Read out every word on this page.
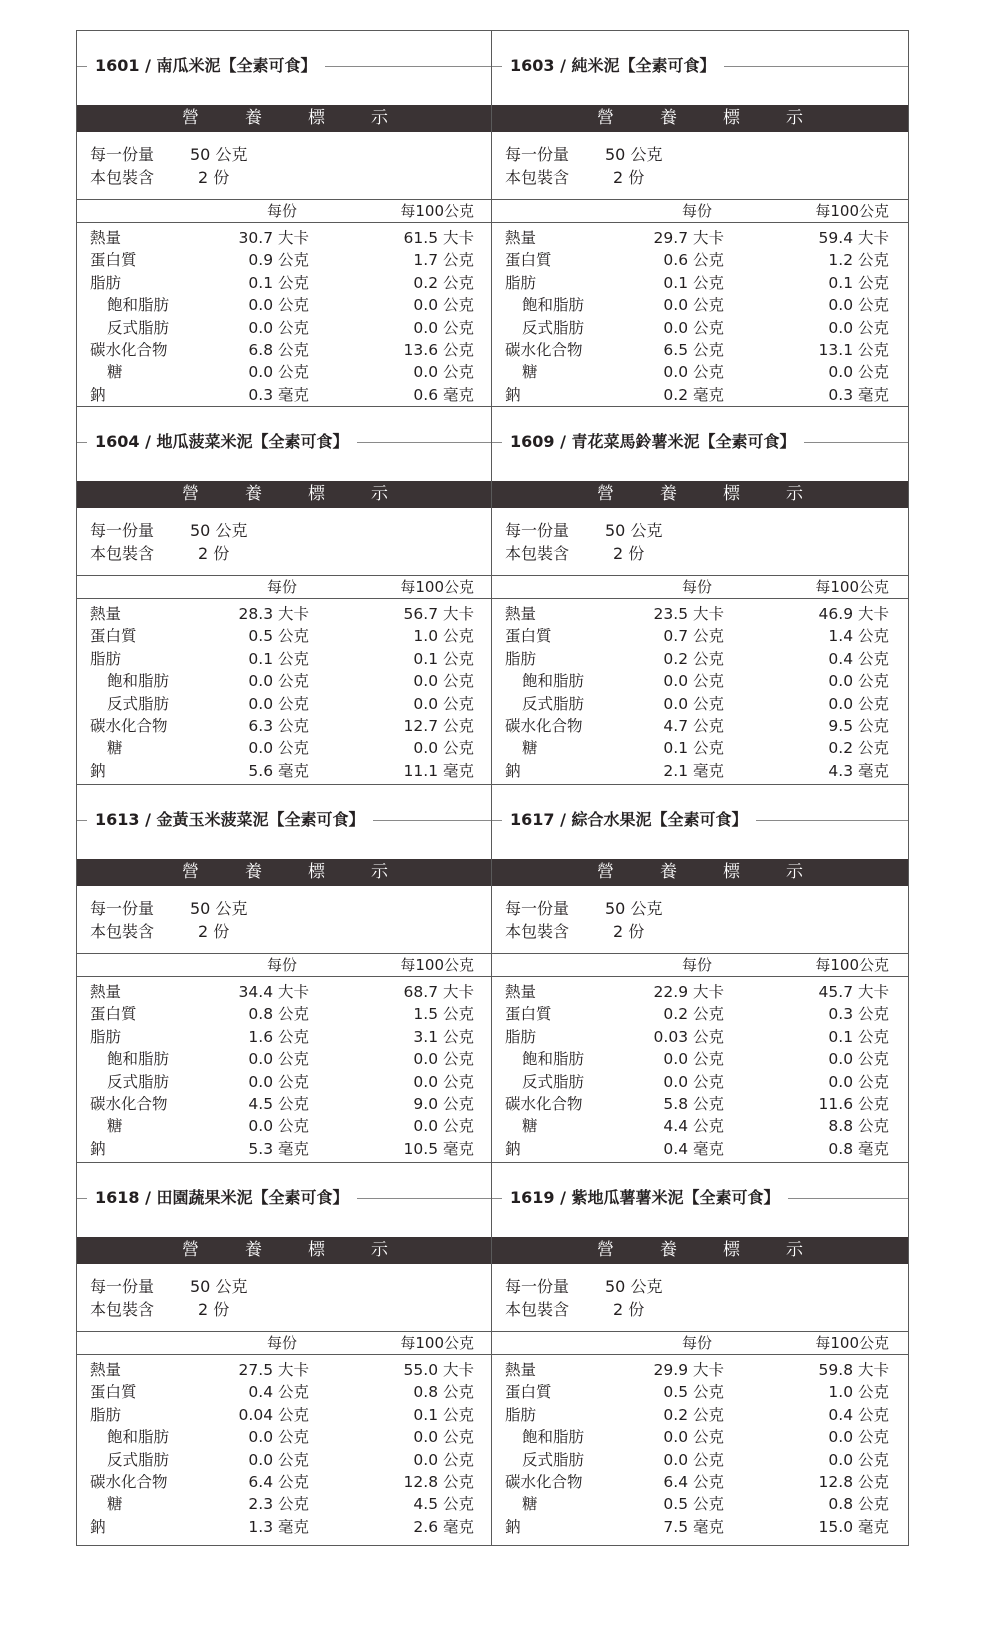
1601 / 南瓜米泥【全素可食】
營	養	標	示
每一份量 50 公克
本包裝含	2 份
每份	每100公克
熱量	30.7 大卡	61.5 大卡
蛋白質	0.9 公克	1.7 公克
脂肪	0.1 公克	0.2 公克
飽和脂肪	0.0 公克	0.0 公克
反式脂肪	0.0 公克	0.0 公克
碳水化合物	6.8 公克	13.6 公克
糖	0.0 公克	0.0 公克
鈉	0.3 毫克	0.6 毫克
1603 / 純米泥【全素可食】
營	養	標	示
每一份量 50 公克
本包裝含	2 份
每份	每100公克
熱量	29.7 大卡	59.4 大卡
蛋白質	0.6 公克	1.2 公克
脂肪	0.1 公克	0.1 公克
飽和脂肪	0.0 公克	0.0 公克
反式脂肪	0.0 公克	0.0 公克
碳水化合物	6.5 公克	13.1 公克
糖	0.0 公克	0.0 公克
鈉	0.2 毫克	0.3 毫克
1604 / 地瓜菠菜米泥【全素可食】
營	養	標	示
每一份量 50 公克
本包裝含	2 份
每份	每100公克
熱量	28.3 大卡	56.7 大卡
蛋白質	0.5 公克	1.0 公克
脂肪	0.1 公克	0.1 公克
飽和脂肪	0.0 公克	0.0 公克
反式脂肪	0.0 公克	0.0 公克
碳水化合物	6.3 公克	12.7 公克
糖	0.0 公克	0.0 公克
鈉	5.6 毫克	11.1 毫克
1609 / 青花菜馬鈴薯米泥【全素可食】
營	養	標	示
每一份量 50 公克
本包裝含	2 份
每份	每100公克
熱量	23.5 大卡	46.9 大卡
蛋白質	0.7 公克	1.4 公克
脂肪	0.2 公克	0.4 公克
飽和脂肪	0.0 公克	0.0 公克
反式脂肪	0.0 公克	0.0 公克
碳水化合物	4.7 公克	9.5 公克
糖	0.1 公克	0.2 公克
鈉	2.1 毫克	4.3 毫克
1613 / 金黃玉米菠菜泥【全素可食】
營	養	標	示
每一份量 50 公克
本包裝含	2 份
每份	每100公克
熱量	34.4 大卡	68.7 大卡
蛋白質	0.8 公克	1.5 公克
脂肪	1.6 公克	3.1 公克
飽和脂肪	0.0 公克	0.0 公克
反式脂肪	0.0 公克	0.0 公克
碳水化合物	4.5 公克	9.0 公克
糖	0.0 公克	0.0 公克
鈉	5.3 毫克	10.5 毫克
1617 / 綜合水果泥【全素可食】
營	養	標	示
每一份量 50 公克
本包裝含	2 份
每份	每100公克
熱量	22.9 大卡	45.7 大卡
蛋白質	0.2 公克	0.3 公克
脂肪	0.03 公克	0.1 公克
飽和脂肪	0.0 公克	0.0 公克
反式脂肪	0.0 公克	0.0 公克
碳水化合物	5.8 公克	11.6 公克
糖	4.4 公克	8.8 公克
鈉	0.4 毫克	0.8 毫克
1618 / 田園蔬果米泥【全素可食】
營	養	標	示
每一份量 50 公克
本包裝含	2 份
每份	每100公克
熱量	27.5 大卡	55.0 大卡
蛋白質	0.4 公克	0.8 公克
脂肪	0.04 公克	0.1 公克
飽和脂肪	0.0 公克	0.0 公克
反式脂肪	0.0 公克	0.0 公克
碳水化合物	6.4 公克	12.8 公克
糖	2.3 公克	4.5 公克
鈉	1.3 毫克	2.6 毫克
1619 / 紫地瓜薯薯米泥【全素可食】
營	養	標	示
每一份量 50 公克
本包裝含	2 份
每份	每100公克
熱量	29.9 大卡	59.8 大卡
蛋白質	0.5 公克	1.0 公克
脂肪	0.2 公克	0.4 公克
飽和脂肪	0.0 公克	0.0 公克
反式脂肪	0.0 公克	0.0 公克
碳水化合物	6.4 公克	12.8 公克
糖	0.5 公克	0.8 公克
鈉	7.5 毫克	15.0 毫克
